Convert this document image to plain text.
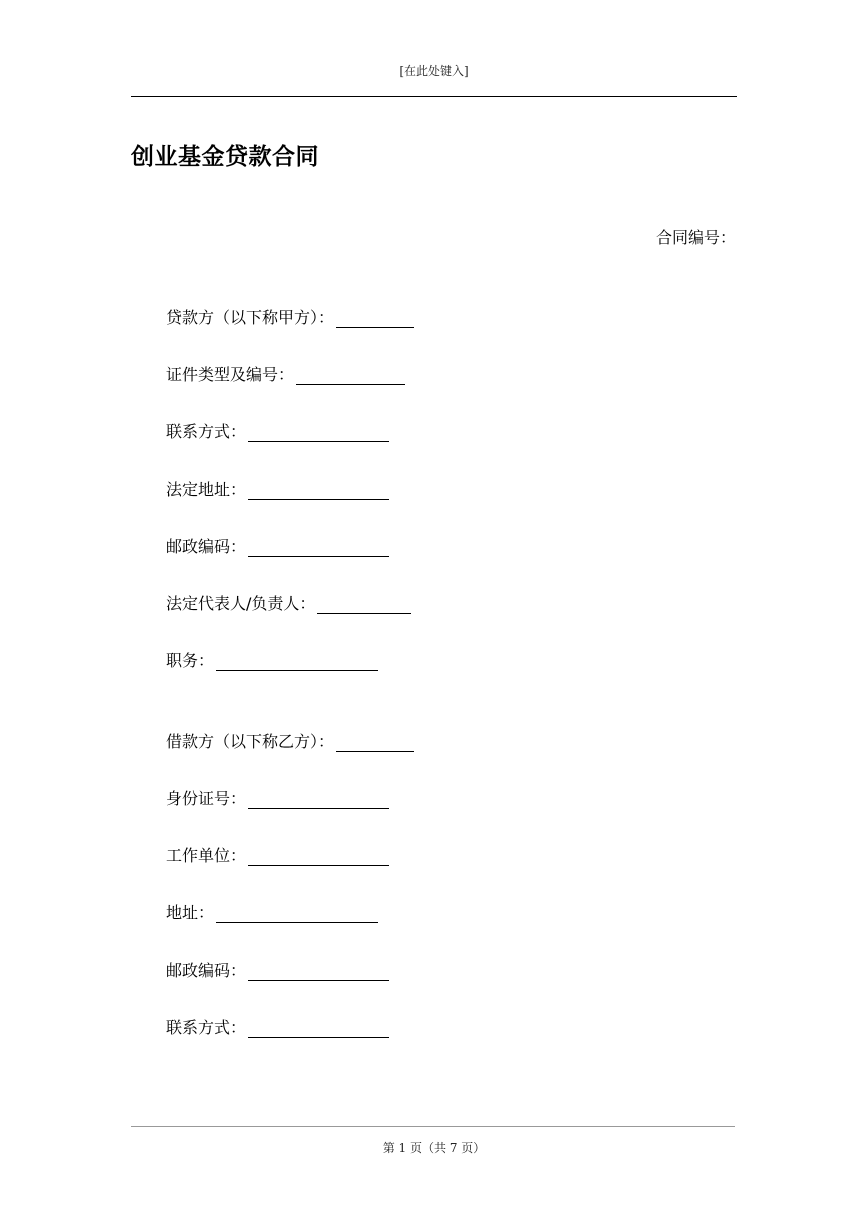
[在此处键入]
创业基金贷款合同
合同编号：
贷款方（以下称甲方）：
证件类型及编号：
联系方式：
法定地址：
邮政编码：
法定代表人/负责人：
职务：
借款方（以下称乙方）：
身份证号：
工作单位：
地址：
邮政编码：
联系方式：
第 1 页（共 7 页）
